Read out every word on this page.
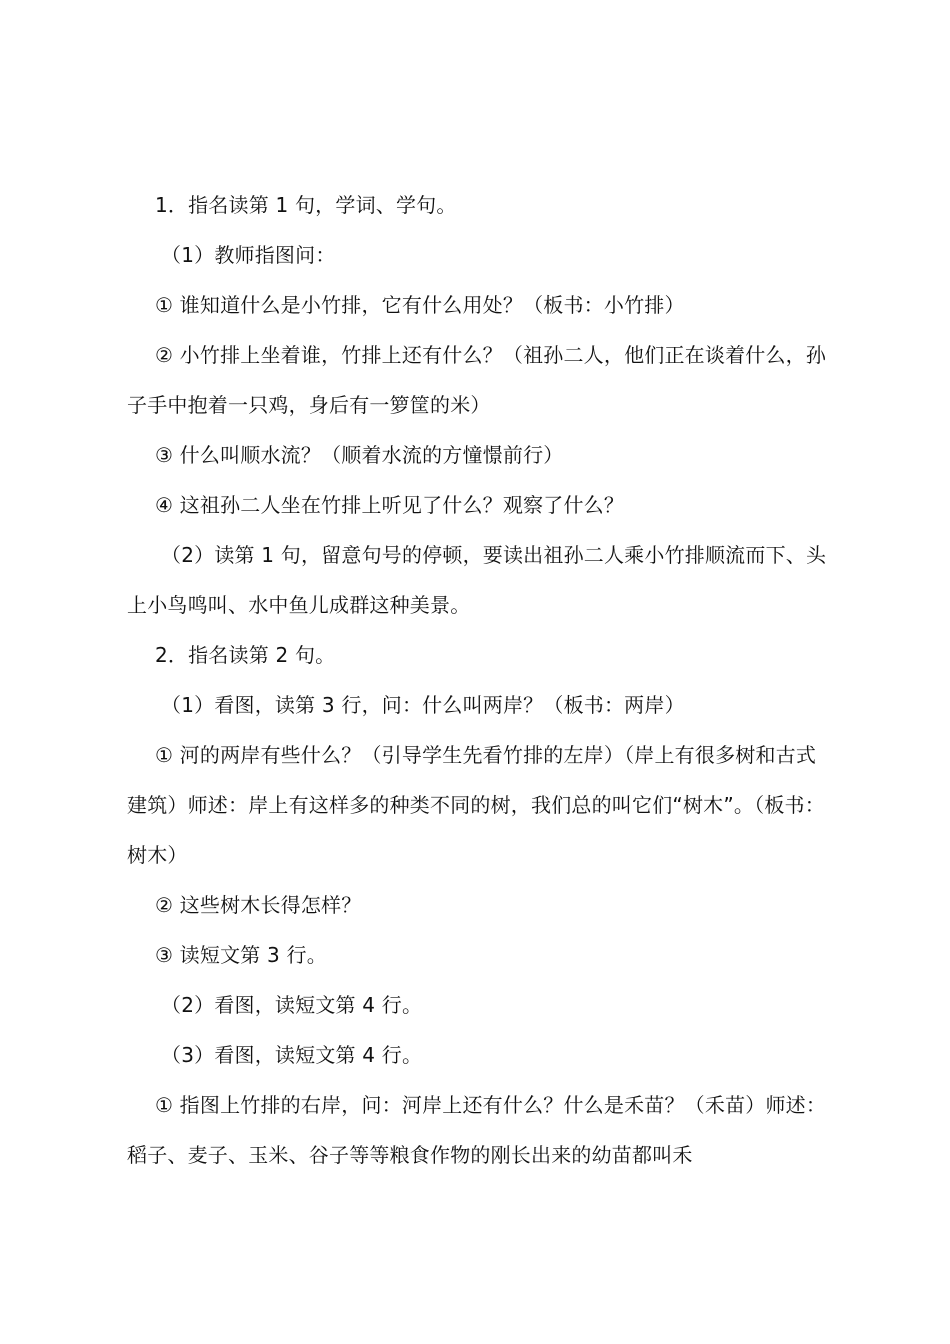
1．指名读第 1 句，学词、学句。

（1）教师指图问：

① 谁知道什么是小竹排，它有什么用处？（板书：小竹排）

② 小竹排上坐着谁，竹排上还有什么？（祖孙二人，他们正在谈着什么，孙子手中抱着一只鸡，身后有一箩筐的米）

③ 什么叫顺水流？（顺着水流的方憧憬前行）

④ 这祖孙二人坐在竹排上听见了什么？观察了什么？

（2）读第 1 句，留意句号的停顿，要读出祖孙二人乘小竹排顺流而下、头上小鸟鸣叫、水中鱼儿成群这种美景。

2．指名读第 2 句。

（1）看图，读第 3 行，问：什么叫两岸？（板书：两岸）

① 河的两岸有些什么？（引导学生先看竹排的左岸）（岸上有很多树和古式建筑）师述：岸上有这样多的种类不同的树，我们总的叫它们“树木”。（板书：树木）

② 这些树木长得怎样？

③ 读短文第 3 行。

（2）看图，读短文第 4 行。

（3）看图，读短文第 4 行。

① 指图上竹排的右岸，问：河岸上还有什么？什么是禾苗？（禾苗）师述：稻子、麦子、玉米、谷子等等粮食作物的刚长出来的幼苗都叫禾
